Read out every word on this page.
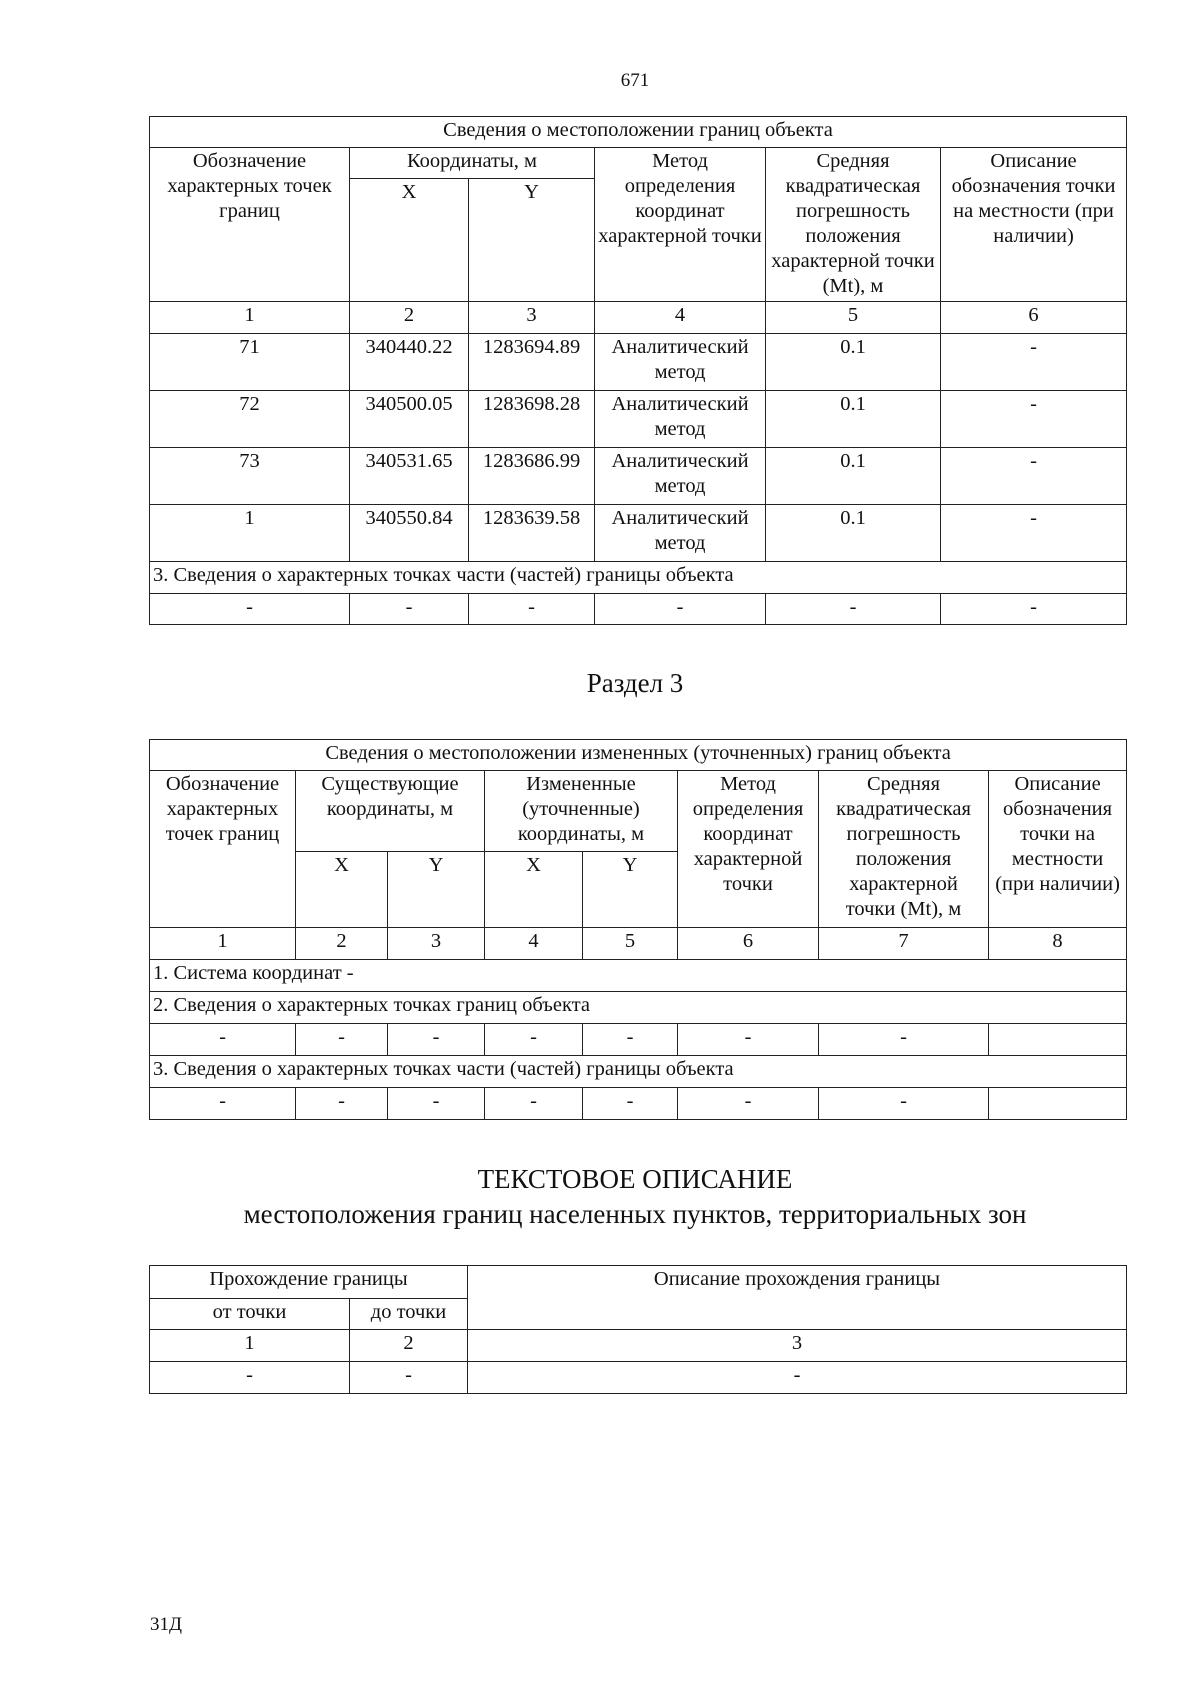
671
Сведения о местоположении границ объекта					
Обозначение характерных точек границ	Координаты, м		Метод определения координат характерной точки	Средняя квадратическая погрешность положения характерной точки (Mt), м	Описание обозначения точки на местности (при наличии)
	X	Y			
1	2	3	4	5	6
71	340440.22	1283694.89	Аналитический метод	0.1	-
72	340500.05	1283698.28	Аналитический метод	0.1	-
73	340531.65	1283686.99	Аналитический метод	0.1	-
1	340550.84	1283639.58	Аналитический метод	0.1	-
3. Сведения о характерных точках части (частей) границы объекта					
-	-	-	-	-	-
Раздел 3
Сведения о местоположении измененных (уточненных) границ объекта							
Обозначение характерных точек границ	Существующие координаты, м		Измененные (уточненные) координаты, м		Метод определения координат характерной точки	Средняя квадратическая погрешность положения характерной точки (Mt), м	Описание обозначения точки на местности (при наличии)
	X	Y	X	Y			
1	2	3	4	5	6	7	8
1. Система координат -							
2. Сведения о характерных точках границ объекта							
-	-	-	-	-	-	-	
3. Сведения о характерных точках части (частей) границы объекта							
-	-	-	-	-	-	-	
ТЕКСТОВОЕ ОПИСАНИЕ
местоположения границ населенных пунктов, территориальных зон
Прохождение границы		Описание прохождения границы
от точки	до точки	
1	2	3
-	-	-
31Д
